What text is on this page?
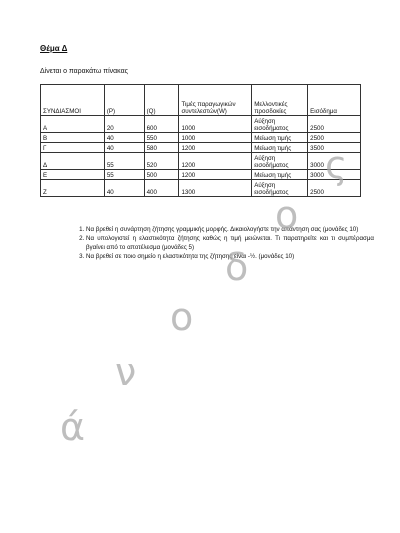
Θέμα Δ
Δίνεται ο παρακάτω πίνακας
ΣΥΝΔΙΑΣΜΟΙ	(P)	(Q)	Τιμές παραγωγικών συντελεστών(W)	Μελλοντικές προσδοκίες	Εισόδημα
Α	20	600	1000	Αύξηση εισοδήματος	2500
Β	40	550	1000	Μείωση τιμής	2500
Γ	40	580	1200	Μείωση τιμής	3500
Δ	55	520	1200	Αύξηση εισοδήματος	3000
Ε	55	500	1200	Μείωση τιμής	3000
Ζ	40	400	1300	Αύξηση εισοδήματος	2500
1. Να βρεθεί η συνάρτηση ζήτησης γραμμικής μορφής. Δικαιολογήστε την απάντηση σας (μονάδες 10)
2. Να υπολογιστεί η ελαστικότητα ζήτησης καθώς η τιμή μειώνεται. Τι παρατηρείτε και τι συμπέρασμα βγαίνει από το αποτέλεσμα (μονάδες 5)
3. Να βρεθεί σε ποιο σημείο η ελαστικότητα της ζήτησης είναι -½. (μονάδες 10)
ά
ν
ο
δ
ο
ς
